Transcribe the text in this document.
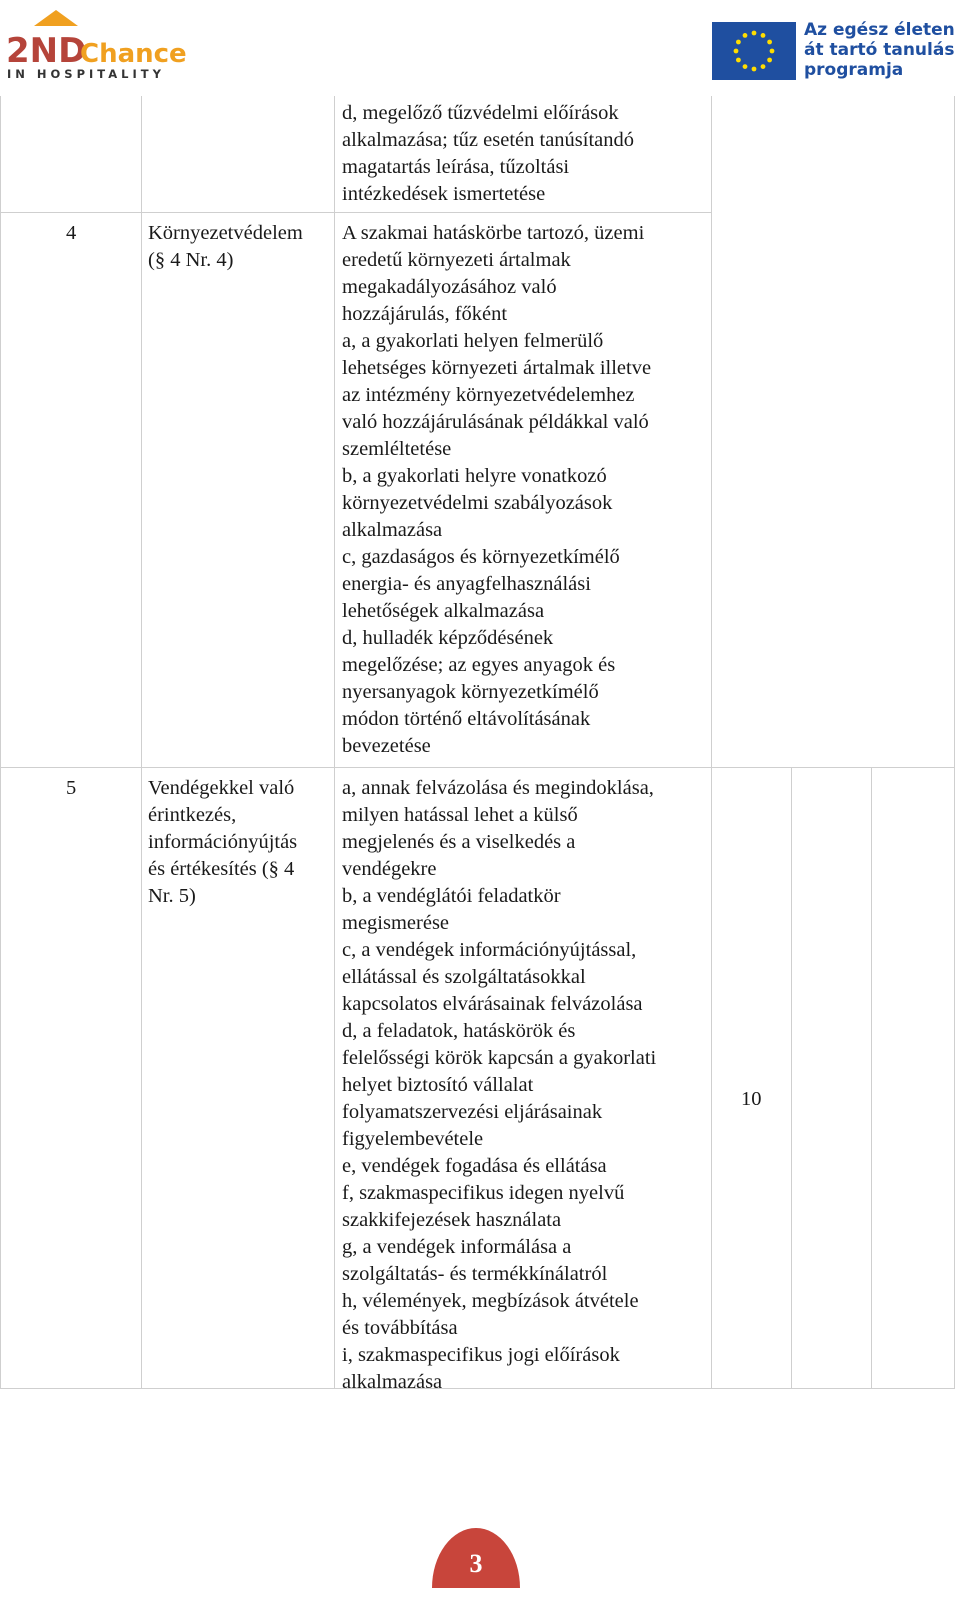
2ND
Chance
IN HOSPITALITY
Az egész életen
át tartó tanulás
programja
d, megelőző tűzvédelmi előírások
alkalmazása; tűz esetén tanúsítandó
magatartás leírása, tűzoltási
intézkedések ismertetése
4	Környezetvédelem
(§ 4 Nr. 4)
A szakmai hatáskörbe tartozó, üzemi
eredetű környezeti ártalmak
megakadályozásához való
hozzájárulás, főként
a, a gyakorlati helyen felmerülő
lehetséges környezeti ártalmak illetve
az intézmény környezetvédelemhez
való hozzájárulásának példákkal való
szemléltetése
b, a gyakorlati helyre vonatkozó
környezetvédelmi szabályozások
alkalmazása
c, gazdaságos és környezetkímélő
energia- és anyagfelhasználási
lehetőségek alkalmazása
d, hulladék képződésének
megelőzése; az egyes anyagok és
nyersanyagok környezetkímélő
módon történő eltávolításának
bevezetése
5	Vendégekkel való
érintkezés,
információnyújtás
és értékesítés (§ 4
Nr. 5)
a, annak felvázolása és megindoklása,
milyen hatással lehet a külső
megjelenés és a viselkedés a
vendégekre
b, a vendéglátói feladatkör
megismerése
c, a vendégek információnyújtással,
ellátással és szolgáltatásokkal
kapcsolatos elvárásainak felvázolása
d, a feladatok, hatáskörök és
felelősségi körök kapcsán a gyakorlati
helyet biztosító vállalat
folyamatszervezési eljárásainak
figyelembevétele
e, vendégek fogadása és ellátása
f, szakmaspecifikus idegen nyelvű
szakkifejezések használata
g, a vendégek informálása a
szolgáltatás- és termékkínálatról
h, vélemények, megbízások átvétele
és továbbítása
i, szakmaspecifikus jogi előírások
alkalmazása
10
3
